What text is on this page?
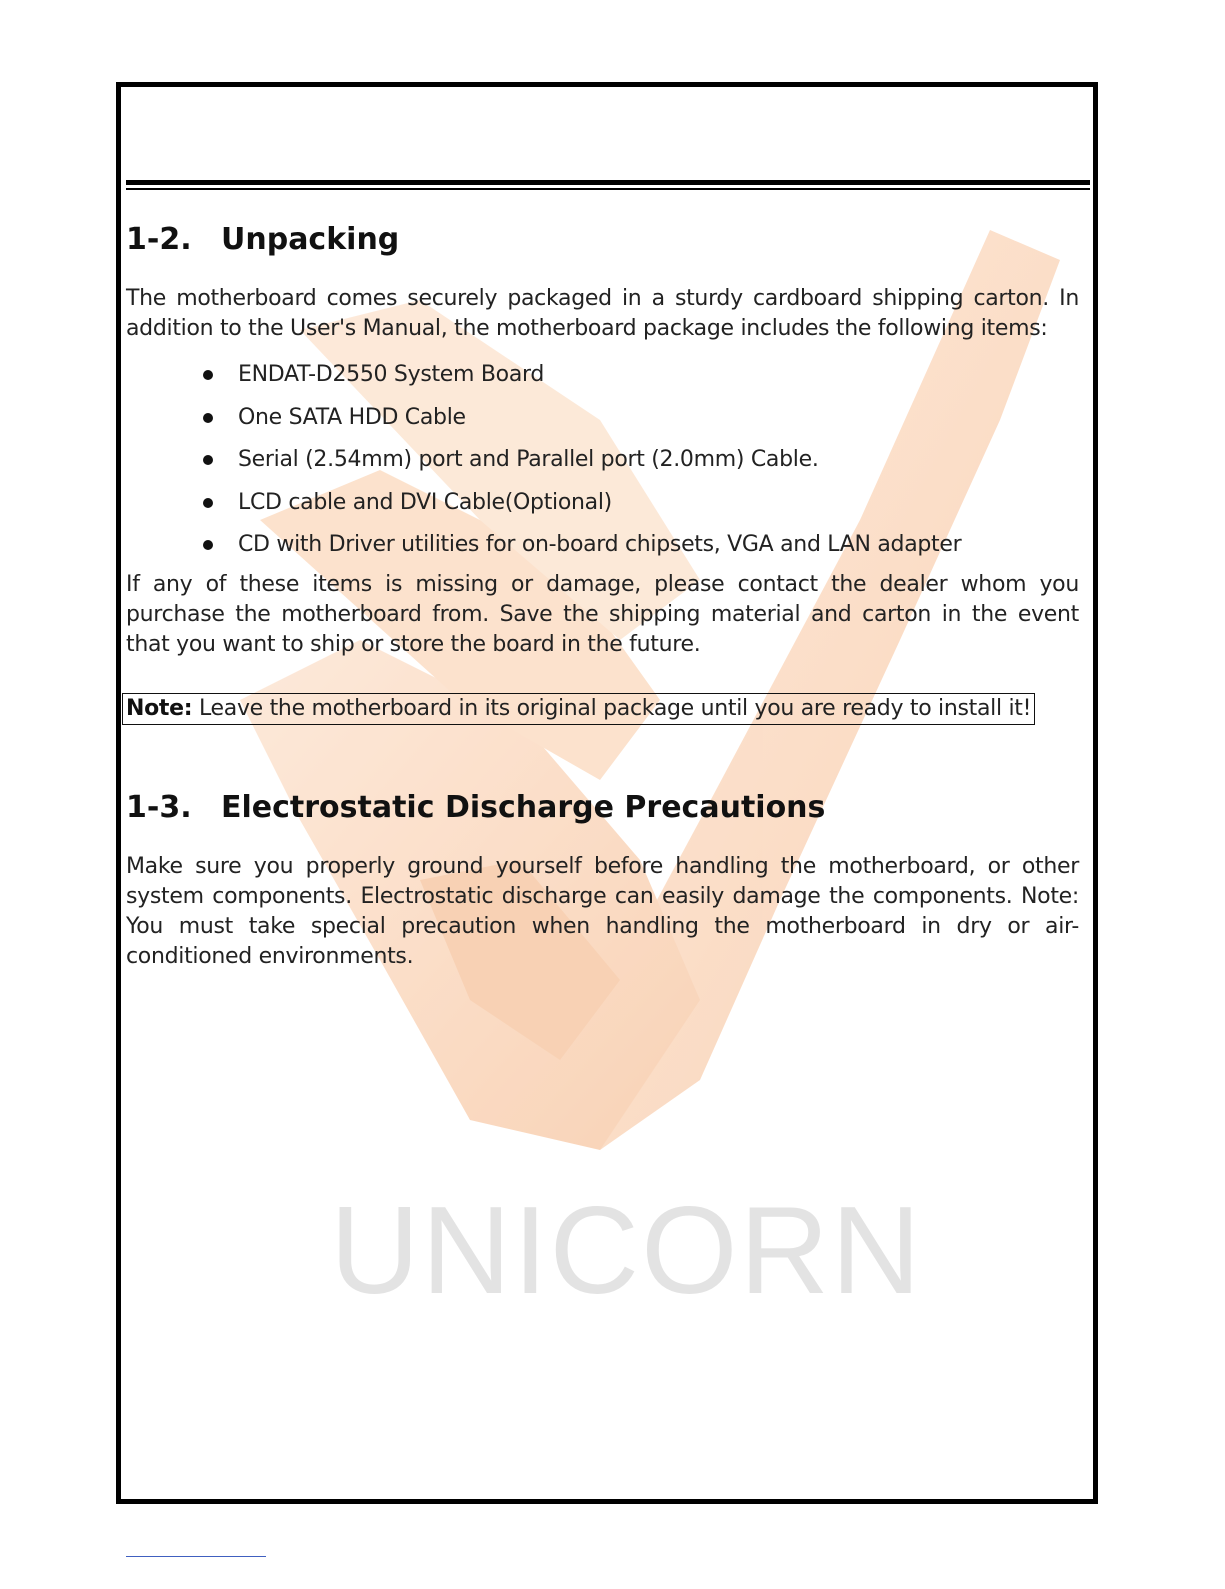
UNICORN
1-2. Unpacking

The motherboard comes securely packaged in a sturdy cardboard shipping carton. In addition to the User's Manual, the motherboard package includes the following items:

ENDAT-D2550 System Board
One SATA HDD Cable
Serial (2.54mm) port and Parallel port (2.0mm) Cable.
LCD cable and DVI Cable(Optional)
CD with Driver utilities for on-board chipsets, VGA and LAN adapter

If any of these items is missing or damage, please contact the dealer whom you purchase the motherboard from. Save the shipping material and carton in the event that you want to ship or store the board in the future.

Note: Leave the motherboard in its original package until you are ready to install it!
1-3. Electrostatic Discharge Precautions

Make sure you properly ground yourself before handling the motherboard, or other system components. Electrostatic discharge can easily damage the components. Note: You must take special precaution when handling the motherboard in dry or air-conditioned environments.
